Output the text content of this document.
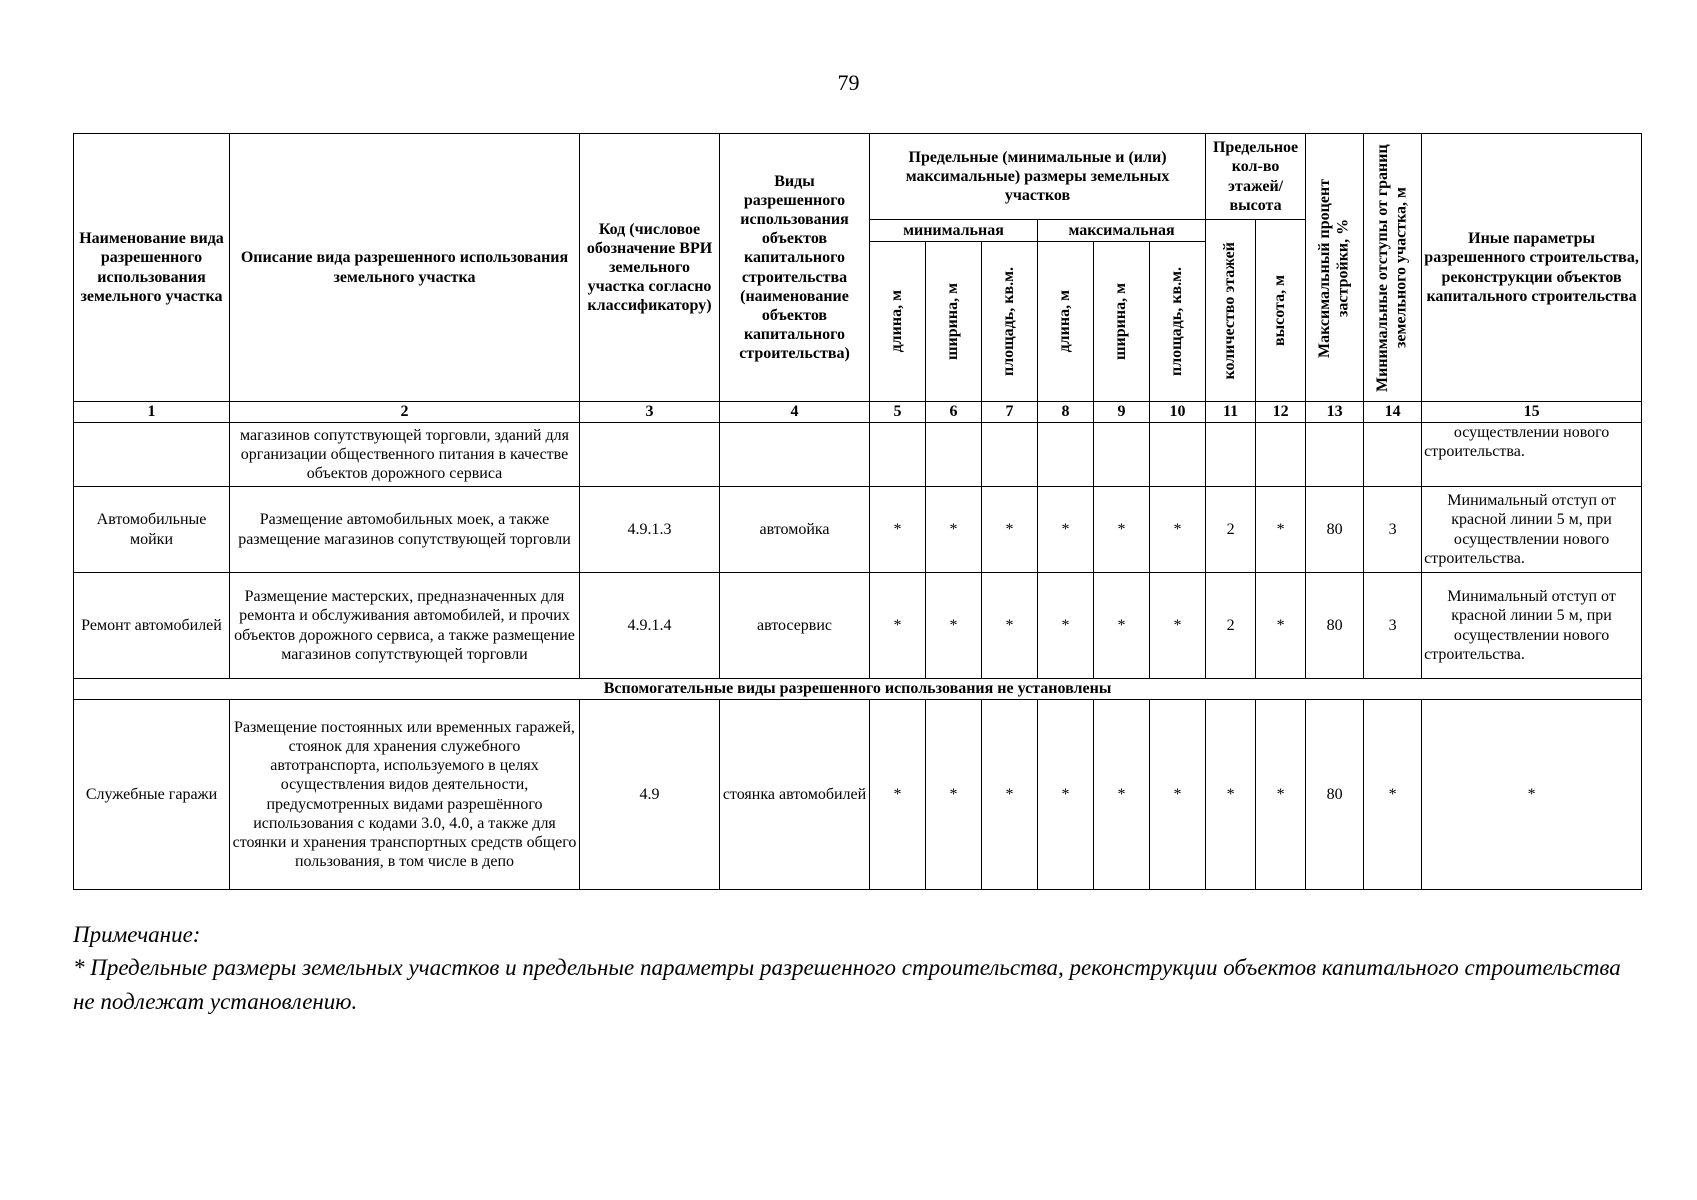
79
Наименование вида разрешенного использования земельного участка	Описание вида разрешенного использования земельного участка	Код (числовое обозначение ВРИ земельного участка согласно классификатору)	Виды разрешенного использования объектов капитального строительства (наименование объектов капитального строительства)	Предельные (минимальные и (или) максимальные) размеры земельных участков						Предельное кол-во этажей/ высота		Максимальный процент застройки, %	Минимальные отступы от границ земельного участка, м	Иные параметры разрешенного строительства, реконструкции объектов капитального строительства
				минимальная			максимальная			количество этажей	высота, м			

				длина, м	ширина, м	площадь, кв.м.	длина, м	ширина, м	площадь, кв.м.					

1	2	3	4	5	6	7	8	9	10	11	12	13	14	15
	магазинов сопутствующей торговли, зданий для организации общественного питания в качестве объектов дорожного сервиса													осуществлении нового строительства.
Автомобильные мойки	Размещение автомобильных моек, а также размещение магазинов сопутствующей торговли	4.9.1.3	автомойка	*	*	*	*	*	*	2	*	80	3	Минимальный отступ от красной линии 5 м, при осуществлении нового строительства.
Ремонт автомобилей	Размещение мастерских, предназначенных для ремонта и обслуживания автомобилей, и прочих объектов дорожного сервиса, а также размещение магазинов сопутствующей торговли	4.9.1.4	автосервис	*	*	*	*	*	*	2	*	80	3	Минимальный отступ от красной линии 5 м, при осуществлении нового строительства.
Вспомогательные виды разрешенного использования не установлены														
Служебные гаражи	Размещение постоянных или временных гаражей, стоянок для хранения служебного автотранспорта, используемого в целях осуществления видов деятельности, предусмотренных видами разрешённого использования с кодами 3.0, 4.0, а также для стоянки и хранения транспортных средств общего пользования, в том числе в депо	4.9	стоянка автомобилей	*	*	*	*	*	*	*	*	80	*	*
Примечание:
* Предельные размеры земельных участков и предельные параметры разрешенного строительства, реконструкции объектов капитального строительства не подлежат установлению.
